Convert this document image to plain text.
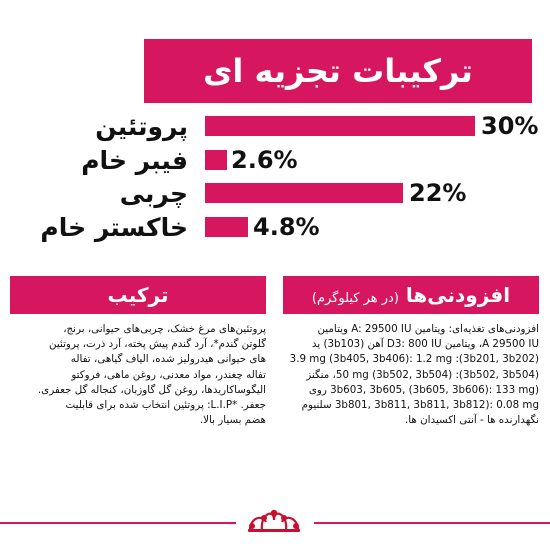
ترکیبات تجزیه ای
30%
پروتئین
2.6%
فیبر خام
22%
چربی
4.8%
خاکستر خام
ترکیب
پروتئین‌های مرغ خشک، چربی‌های حیوانی، برنج،
گلوتن گندم*، آرد گندم پیش پخته، آرد ذرت، پروتئین
های حیوانی هیدرولیز شده، الیاف گیاهی، تفاله
تفاله چغندر، مواد معدنی، روغن ماهی، فروکتو
الیگوساکاریدها، روغن گل گاوزبان، کنجاله گل جعفری.
جعفر. *L.I.P: پروتئین انتخاب شده برای قابلیت
هضم بسیار بالا.
افزودنی‌ها (در هر کیلوگرم)
افزودنی‌های تغذیه‌ای: ویتامین A: 29500 IU ویتامین
A 29500 IU، ویتامین D3: 800 IU آهن (3b103) ید
(3b201, 3b202): 3.9 mg (3b405, 3b406): 1.2 mg
(3b502, 3b504): 50 mg (3b502, 3b504)، منگنز
(3b603, 3b605, (3b605, 3b606): 133 mg روی
3b801, 3b811, 3b811, 3b812): 0.08 mg سلنیوم
نگهدارنده ها - آنتی اکسیدان ها.
